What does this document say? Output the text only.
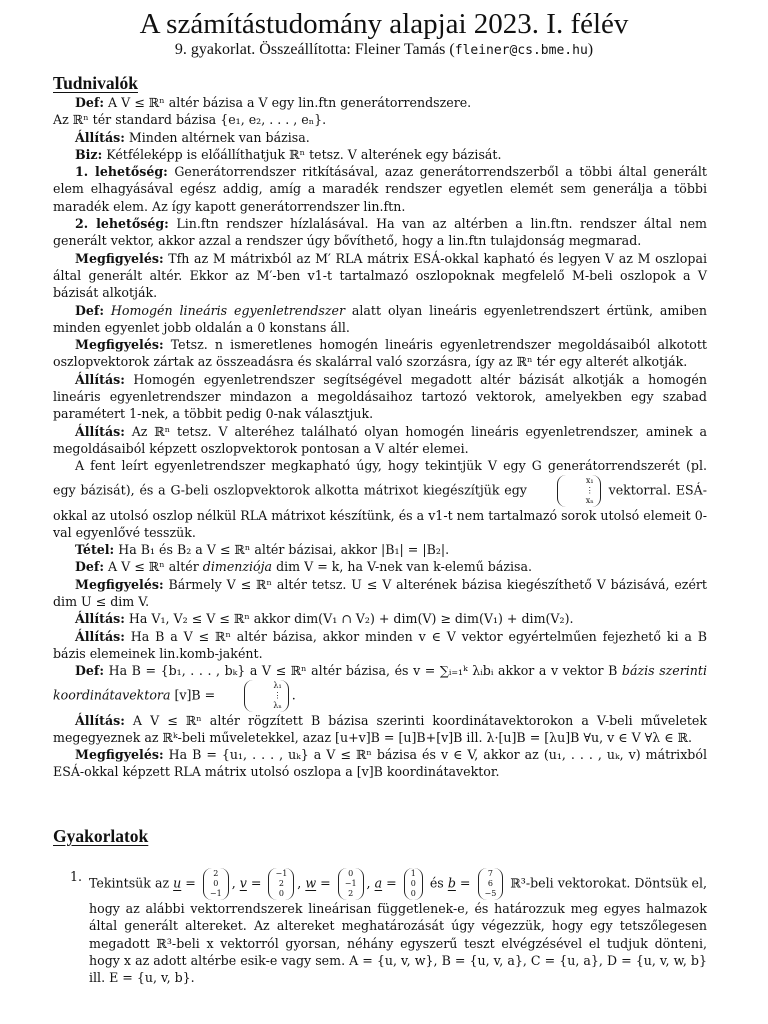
A számítástudomány alapjai 2023. I. félév
9. gyakorlat. Összeállította: Fleiner Tamás (fleiner@cs.bme.hu)
Tudnivalók

Def: A V ≤ ℝⁿ altér bázisa a V egy lin.ftn generátorrendszere.

Az ℝⁿ tér standard bázisa {e₁, e₂, . . . , eₙ}.

Állítás: Minden altérnek van bázisa.

Biz: Kétféleképp is előállíthatjuk ℝⁿ tetsz. V alterének egy bázisát.

1. lehetőség: Generátorrendszer ritkításával, azaz generátorrendszerből a többi által generált elem elhagyásával egész addig, amíg a maradék rendszer egyetlen elemét sem generálja a többi maradék elem. Az így kapott generátorrendszer lin.ftn.

2. lehetőség: Lin.ftn rendszer hízlalásával. Ha van az altérben a lin.ftn. rendszer által nem generált vektor, akkor azzal a rendszer úgy bővíthető, hogy a lin.ftn tulajdonság megmarad.

Megfigyelés: Tfh az M mátrixból az M′ RLA mátrix ESÁ-okkal kapható és legyen V az M oszlopai által generált altér. Ekkor az M′-ben v1-t tartalmazó oszlopoknak megfelelő M-beli oszlopok a V bázisát alkotják.

Def: Homogén lineáris egyenletrendszer alatt olyan lineáris egyenletrendszert értünk, amiben minden egyenlet jobb oldalán a 0 konstans áll.

Megfigyelés: Tetsz. n ismeretlenes homogén lineáris egyenletrendszer megoldásaiból alkotott oszlopvektorok zártak az összeadásra és skalárral való szorzásra, így az ℝⁿ tér egy alterét alkotják.

Állítás: Homogén egyenletrendszer segítségével megadott altér bázisát alkotják a homogén lineáris egyenletrendszer mindazon a megoldásaihoz tartozó vektorok, amelyekben egy szabad paramétert 1-nek, a többit pedig 0-nak választjuk.

Állítás: Az ℝⁿ tetsz. V alteréhez található olyan homogén lineáris egyenletrendszer, aminek a megoldásaiból képzett oszlopvektorok pontosan a V altér elemei.

A fent leírt egyenletrendszer megkapható úgy, hogy tekintjük V egy G generátorrendszerét (pl. egy bázisát), és a G-beli oszlopvektorok alkotta mátrixot kiegészítjük egy
x₁
⋮
xₙ
vektorral. ESÁ-okkal az utolsó oszlop nélkül RLA mátrixot készítünk, és a v1-t nem tartalmazó sorok utolsó elemeit 0-val egyenlővé tesszük.

Tétel: Ha B₁ és B₂ a V ≤ ℝⁿ altér bázisai, akkor |B₁| = |B₂|.

Def: A V ≤ ℝⁿ altér dimenziója dim V = k, ha V-nek van k-elemű bázisa.

Megfigyelés: Bármely V ≤ ℝⁿ altér tetsz. U ≤ V alterének bázisa kiegészíthető V bázisává, ezért dim U ≤ dim V.

Állítás: Ha V₁, V₂ ≤ V ≤ ℝⁿ akkor dim(V₁ ∩ V₂) + dim(V) ≥ dim(V₁) + dim(V₂).

Állítás: Ha B a V ≤ ℝⁿ altér bázisa, akkor minden v ∈ V vektor egyértelműen fejezhető ki a B bázis elemeinek lin.komb-jaként.

Def: Ha B = {b₁, . . . , bₖ} a V ≤ ℝⁿ altér bázisa, és v = ∑ᵢ₌₁ᵏ λᵢbᵢ akkor a v vektor B bázis szerinti koordinátavektora [v]B =
λ₁
⋮
λₙ
.

Állítás: A V ≤ ℝⁿ altér rögzített B bázisa szerinti koordinátavektorokon a V-beli műveletek megegyeznek az ℝᵏ-beli műveletekkel, azaz [u+v]B = [u]B+[v]B ill. λ·[u]B = [λu]B ∀u, v ∈ V ∀λ ∈ ℝ.

Megfigyelés: Ha B = {u₁, . . . , uₖ} a V ≤ ℝⁿ bázisa és v ∈ V, akkor az (u₁, . . . , uₖ, v) mátrixból ESÁ-okkal képzett RLA mátrix utolsó oszlopa a [v]B koordinátavektor.

Gyakorlatok
1. Tekintsük az u =
2
0
−1
, v =
−1
2
0
, w =
0
−1
2
, a =
1
0
0
és b =
7
6
−5
ℝ³-beli vektorokat. Döntsük el, hogy az alábbi vektorrendszerek lineárisan függetlenek-e, és határozzuk meg egyes halmazok által generált altereket. Az altereket meghatározását úgy végezzük, hogy egy tetszőlegesen megadott ℝ³-beli x vektorról gyorsan, néhány egyszerű teszt elvégzésével el tudjuk dönteni, hogy x az adott altérbe esik-e vagy sem. A = {u, v, w}, B = {u, v, a}, C = {u, a}, D = {u, v, w, b} ill. E = {u, v, b}.
